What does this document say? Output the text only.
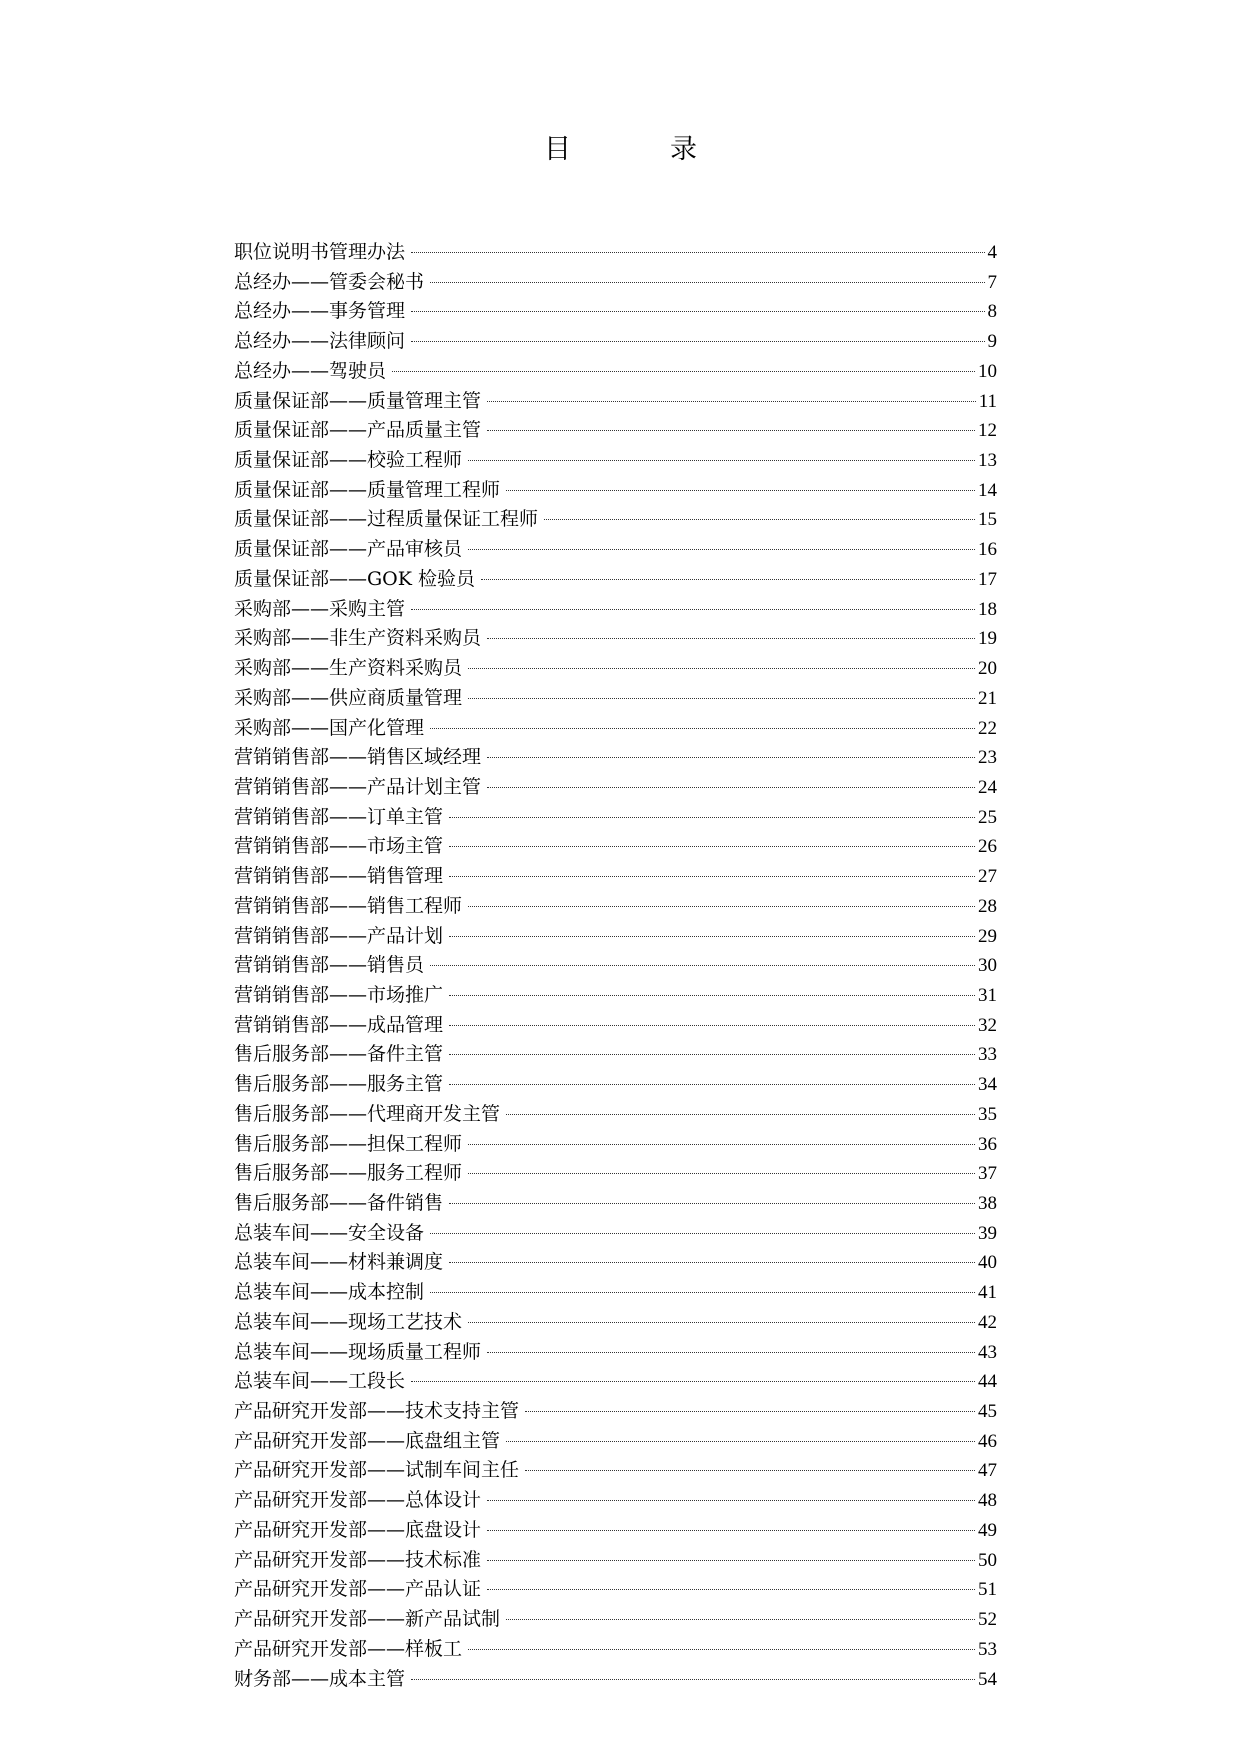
目　录
职位说明书管理办法	4
总经办——管委会秘书	7
总经办——事务管理	8
总经办——法律顾问	9
总经办——驾驶员	10
质量保证部——质量管理主管	11
质量保证部——产品质量主管	12
质量保证部——校验工程师	13
质量保证部——质量管理工程师	14
质量保证部——过程质量保证工程师	15
质量保证部——产品审核员	16
质量保证部——GOK 检验员	17
采购部——采购主管	18
采购部——非生产资料采购员	19
采购部——生产资料采购员	20
采购部——供应商质量管理	21
采购部——国产化管理	22
营销销售部——销售区域经理	23
营销销售部——产品计划主管	24
营销销售部——订单主管	25
营销销售部——市场主管	26
营销销售部——销售管理	27
营销销售部——销售工程师	28
营销销售部——产品计划	29
营销销售部——销售员	30
营销销售部——市场推广	31
营销销售部——成品管理	32
售后服务部——备件主管	33
售后服务部——服务主管	34
售后服务部——代理商开发主管	35
售后服务部——担保工程师	36
售后服务部——服务工程师	37
售后服务部——备件销售	38
总装车间——安全设备	39
总装车间——材料兼调度	40
总装车间——成本控制	41
总装车间——现场工艺技术	42
总装车间——现场质量工程师	43
总装车间——工段长	44
产品研究开发部——技术支持主管	45
产品研究开发部——底盘组主管	46
产品研究开发部——试制车间主任	47
产品研究开发部——总体设计	48
产品研究开发部——底盘设计	49
产品研究开发部——技术标准	50
产品研究开发部——产品认证	51
产品研究开发部——新产品试制	52
产品研究开发部——样板工	53
财务部——成本主管	54
